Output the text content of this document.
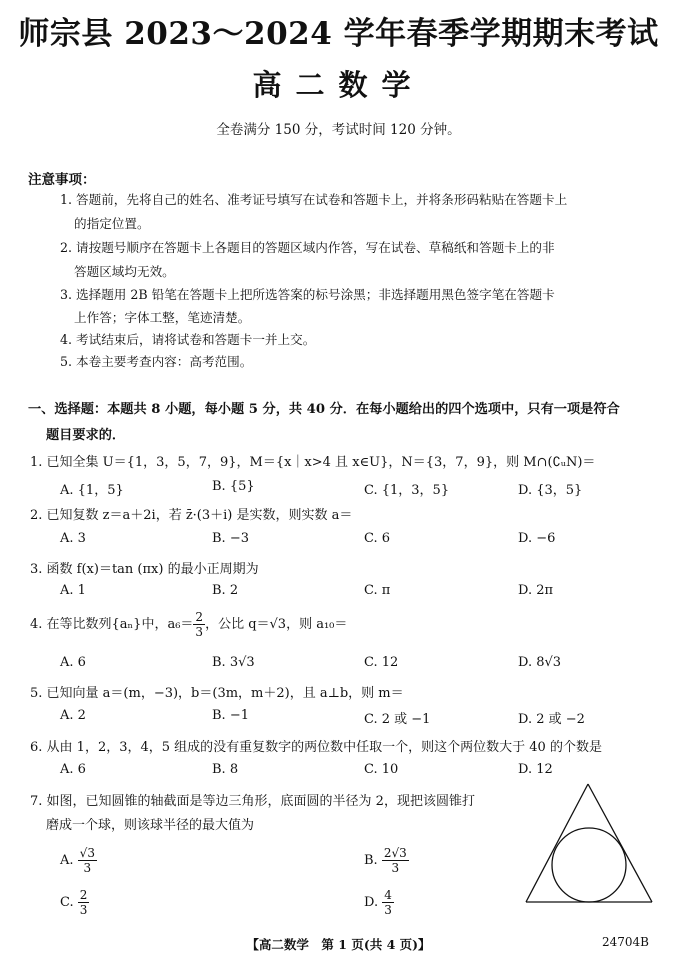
师宗县 2023～2024 学年春季学期期末考试
高二数学
全卷满分 150 分，考试时间 120 分钟。
注意事项：
1. 答题前，先将自己的姓名、准考证号填写在试卷和答题卡上，并将条形码粘贴在答题卡上
的指定位置。
2. 请按题号顺序在答题卡上各题目的答题区域内作答，写在试卷、草稿纸和答题卡上的非
答题区域均无效。
3. 选择题用 2B 铅笔在答题卡上把所选答案的标号涂黑；非选择题用黑色签字笔在答题卡
上作答；字体工整，笔迹清楚。
4. 考试结束后，请将试卷和答题卡一并上交。
5. 本卷主要考查内容：高考范围。
一、选择题：本题共 8 小题，每小题 5 分，共 40 分．在每小题给出的四个选项中，只有一项是符合
题目要求的．
1. 已知全集 U＝{1，3，5，7，9}，M＝{x｜x>4 且 x∈U}，N＝{3，7，9}，则 M∩(∁ᵤN)＝
A. {1，5}	B. {5}	C. {1，3，5}	D. {3，5}
2. 已知复数 z＝a＋2i，若 z̄·(3＋i) 是实数，则实数 a＝
A. 3	B. −3	C. 6	D. −6
3. 函数 f(x)＝tan (πx) 的最小正周期为
A. 1	B. 2	C. π	D. 2π
4. 在等比数列{aₙ}中，$a_6= \frac{2}{3}$ ，公比 q＝√3，则 a₁₀＝
A. 6	B. 3√3	C. 12	D. 8√3
5. 已知向量 a＝(m，−3)，b＝(3m，m＋2)，且 a⊥b，则 m＝
A. 2	B. −1	C. 2 或 −1	D. 2 或 −2
6. 从由 1，2，3，4，5 组成的没有重复数字的两位数中任取一个，则这个两位数大于 40 的个数是
A. 6	B. 8	C. 10	D. 12
7. 如图，已知圆锥的轴截面是等边三角形，底面圆的半径为 2，现把该圆锥打
磨成一个球，则该球半径的最大值为
A. $\frac{√3}{3}$	B. $\frac{2√3}{3}$
C. $\frac{2}{3}$	D. $\frac{4}{3}$
【高二数学　第 1 页(共 4 页)】	24704B
